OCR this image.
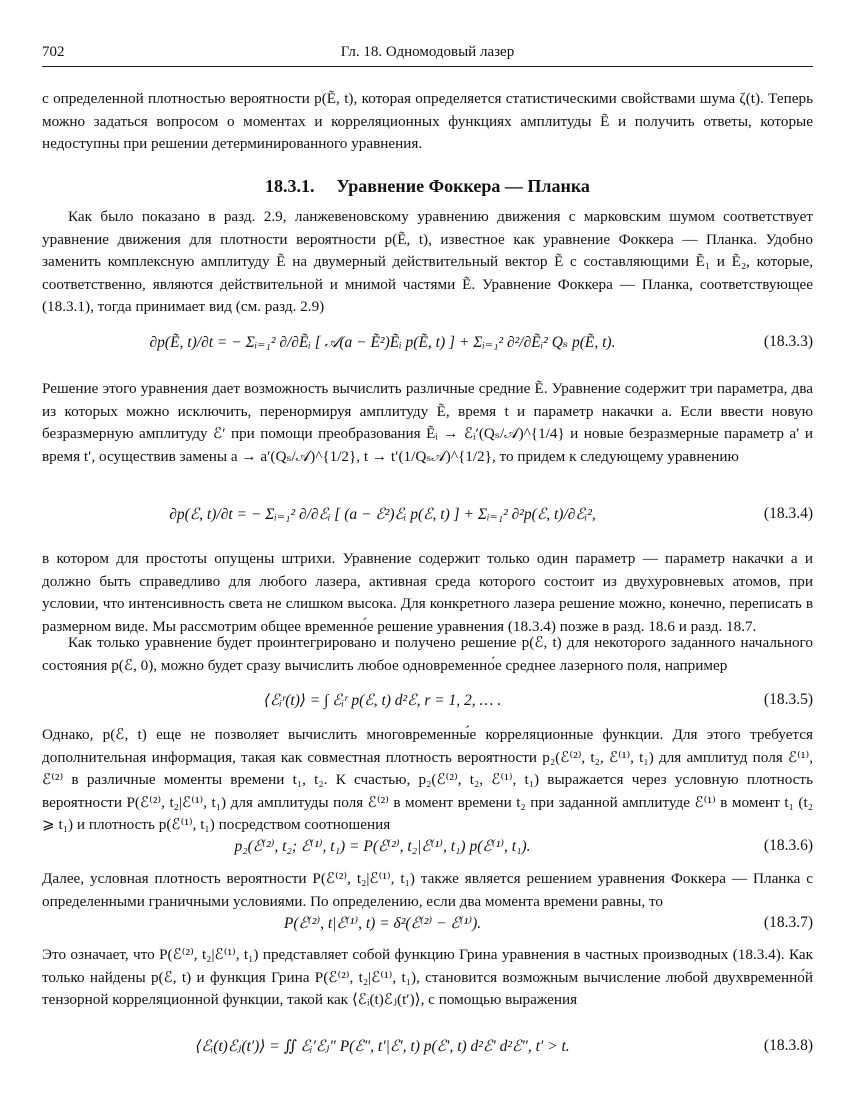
702	Гл. 18. Одномодовый лазер

с определенной плотностью вероятности p(Ẽ, t), которая определяется статистическими свойствами шума ζ(t). Теперь можно задаться вопросом о моментах и корреляционных функциях амплитуды Ẽ и получить ответы, которые недоступны при решении детерминированного уравнения.

18.3.1. Уравнение Фоккера — Планка

Как было показано в разд. 2.9, ланжевеновскому уравнению движения с марковским шумом соответствует уравнение движения для плотности вероятности p(Ẽ, t), известное как уравнение Фоккера — Планка. Удобно заменить комплексную амплитуду Ẽ на двумерный действительный вектор Ẽ с составляющими Ẽ₁ и Ẽ₂, которые, соответственно, являются действительной и мнимой частями Ẽ. Уравнение Фоккера — Планка, соответствующее (18.3.1), тогда принимает вид (см. разд. 2.9)

∂p(Ẽ, t)/∂t = − Σᵢ₌₁² ∂/∂Ẽᵢ [ 𝒜(a − Ẽ²)Ẽᵢ p(Ẽ, t) ] + Σᵢ₌₁² ∂²/∂Ẽᵢ² Qₛ p(Ẽ, t).	(18.3.3)

Решение этого уравнения дает возможность вычислить различные средние Ẽ. Уравнение содержит три параметра, два из которых можно исключить, перенормируя амплитуду Ẽ, время t и параметр накачки a. Если ввести новую безразмерную амплитуду ℰ′ при помощи преобразования Ẽᵢ → ℰᵢ′(Qₛ/𝒜)^{1/4} и новые безразмерные параметр a′ и время t′, осуществив замены a → a′(Qₛ/𝒜)^{1/2}, t → t′(1/Qₛ𝒜)^{1/2}, то придем к следующему уравнению

∂p(ℰ, t)/∂t = − Σᵢ₌₁² ∂/∂ℰᵢ [ (a − ℰ²)ℰᵢ p(ℰ, t) ] + Σᵢ₌₁² ∂²p(ℰ, t)/∂ℰᵢ²,	(18.3.4)

в котором для простоты опущены штрихи. Уравнение содержит только один параметр — параметр накачки a и должно быть справедливо для любого лазера, активная среда которого состоит из двухуровневых атомов, при условии, что интенсивность света не слишком высока. Для конкретного лазера решение можно, конечно, переписать в размерном виде. Мы рассмотрим общее временно́е решение уравнения (18.3.4) позже в разд. 18.6 и разд. 18.7.

Как только уравнение будет проинтегрировано и получено решение p(ℰ, t) для некоторого заданного начального состояния p(ℰ, 0), можно будет сразу вычислить любое одновременно́е среднее лазерного поля, например

⟨ℰᵢʳ(t)⟩ = ∫ ℰᵢʳ p(ℰ, t) d²ℰ, r = 1, 2, … .	(18.3.5)

Однако, p(ℰ, t) еще не позволяет вычислить многовременны́е корреляционные функции. Для этого требуется дополнительная информация, такая как совместная плотность вероятности p₂(ℰ⁽²⁾, t₂, ℰ⁽¹⁾, t₁) для амплитуд поля ℰ⁽¹⁾, ℰ⁽²⁾ в различные моменты времени t₁, t₂. К счастью, p₂(ℰ⁽²⁾, t₂, ℰ⁽¹⁾, t₁) выражается через условную плотность вероятности P(ℰ⁽²⁾, t₂|ℰ⁽¹⁾, t₁) для амплитуды поля ℰ⁽²⁾ в момент времени t₂ при заданной амплитуде ℰ⁽¹⁾ в момент t₁ (t₂ ⩾ t₁) и плотность p(ℰ⁽¹⁾, t₁) посредством соотношения

p₂(ℰ⁽²⁾, t₂; ℰ⁽¹⁾, t₁) = P(ℰ⁽²⁾, t₂|ℰ⁽¹⁾, t₁) p(ℰ⁽¹⁾, t₁).	(18.3.6)

Далее, условная плотность вероятности P(ℰ⁽²⁾, t₂|ℰ⁽¹⁾, t₁) также является решением уравнения Фоккера — Планка с определенными граничными условиями. По определению, если два момента времени равны, то

P(ℰ⁽²⁾, t|ℰ⁽¹⁾, t) = δ²(ℰ⁽²⁾ − ℰ⁽¹⁾).	(18.3.7)

Это означает, что P(ℰ⁽²⁾, t₂|ℰ⁽¹⁾, t₁) представляет собой функцию Грина уравнения в частных производных (18.3.4). Как только найдены p(ℰ, t) и функция Грина P(ℰ⁽²⁾, t₂|ℰ⁽¹⁾, t₁), становится возможным вычисление любой двухвременно́й тензорной корреляционной функции, такой как ⟨ℰᵢ(t)ℰⱼ(t′)⟩, с помощью выражения

⟨ℰᵢ(t)ℰⱼ(t′)⟩ = ∬ ℰᵢ′ℰⱼ″ P(ℰ″, t′|ℰ′, t) p(ℰ′, t) d²ℰ′ d²ℰ″, t′ > t.	(18.3.8)
